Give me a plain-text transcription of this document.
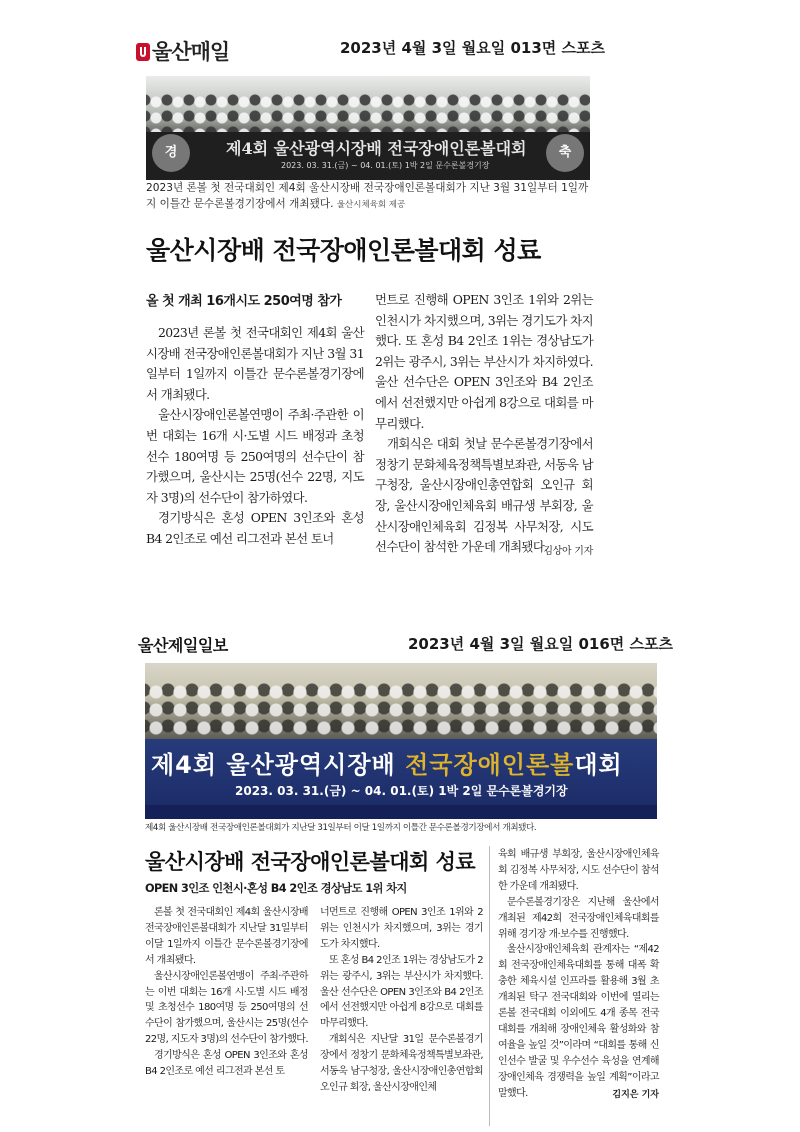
울산매일	2023년 4월 3일 월요일 013면 스포츠
경	축
제4회 울산광역시장배 전국장애인론볼대회
2023. 03. 31.(금) ~ 04. 01.(토) 1박 2일 문수론볼경기장
2023년 론볼 첫 전국대회인 제4회 울산시장배 전국장애인론볼대회가 지난 3월 31일부터 1일까지 이틀간 문수론볼경기장에서 개최됐다. 울산시체육회 제공
울산시장배 전국장애인론볼대회 성료
올 첫 개최 16개시도 250여명 참가

2023년 론볼 첫 전국대회인 제4회 울산시장배 전국장애인론볼대회가 지난 3월 31일부터 1일까지 이틀간 문수론볼경기장에서 개최됐다.

울산시장애인론볼연맹이 주최·주관한 이번 대회는 16개 시·도별 시드 배정과 초청선수 180여명 등 250여명의 선수단이 참가했으며, 울산시는 25명(선수 22명, 지도자 3명)의 선수단이 참가하였다.

경기방식은 혼성 OPEN 3인조와 혼성 B4 2인조로 예선 리그전과 본선 토너

먼트로 진행해 OPEN 3인조 1위와 2위는 인천시가 차지했으며, 3위는 경기도가 차지했다. 또 혼성 B4 2인조 1위는 경상남도가 2위는 광주시, 3위는 부산시가 차지하였다. 울산 선수단은 OPEN 3인조와 B4 2인조에서 선전했지만 아쉽게 8강으로 대회를 마무리했다.

개회식은 대회 첫날 문수론볼경기장에서 정창기 문화체육정책특별보좌관, 서동욱 남구청장, 울산시장애인총연합회 오인규 회장, 울산시장애인체육회 배규생 부회장, 울산시장애인체육회 김정복 사무처장, 시도 선수단이 참석한 가운데 개최됐다.

김상아 기자
울산제일일보	2023년 4월 3일 월요일 016면 스포츠
제4회 울산광역시장배 전국장애인론볼대회
2023. 03. 31.(금) ~ 04. 01.(토) 1박 2일 문수론볼경기장
제4회 울산시장배 전국장애인론볼대회가 지난달 31일부터 이달 1일까지 이틀간 문수론볼경기장에서 개최됐다.
울산시장배 전국장애인론볼대회 성료
OPEN 3인조 인천시·혼성 B4 2인조 경상남도 1위 차지

론볼 첫 전국대회인 제4회 울산시장배 전국장애인론볼대회가 지난달 31일부터 이달 1일까지 이틀간 문수론볼경기장에서 개최됐다.

울산시장애인론볼연맹이 주최·주관하는 이번 대회는 16개 시·도별 시드 배정 및 초청선수 180여명 등 250여명의 선수단이 참가했으며, 울산시는 25명(선수 22명, 지도자 3명)의 선수단이 참가했다.

경기방식은 혼성 OPEN 3인조와 혼성 B4 2인조로 예선 리그전과 본선 토

너먼트로 진행해 OPEN 3인조 1위와 2위는 인천시가 차지했으며, 3위는 경기도가 차지했다.

또 혼성 B4 2인조 1위는 경상남도가 2위는 광주시, 3위는 부산시가 차지했다. 울산 선수단은 OPEN 3인조와 B4 2인조에서 선전했지만 아쉽게 8강으로 대회를 마무리했다.

개회식은 지난달 31일 문수론볼경기장에서 정창기 문화체육정책특별보좌관, 서동욱 남구청장, 울산시장애인총연합회 오인규 회장, 울산시장애인체

육회 배규생 부회장, 울산시장애인체육회 김정복 사무처장, 시도 선수단이 참석한 가운데 개최됐다.

문수론볼경기장은 지난해 울산에서 개최된 제42회 전국장애인체육대회를 위해 경기장 개·보수를 진행했다.

울산시장애인체육회 관계자는 “제42회 전국장애인체육대회를 통해 대폭 확충한 체육시설 인프라를 활용해 3월 초 개최된 탁구 전국대회와 이번에 열리는 론볼 전국대회 이외에도 4개 종목 전국대회를 개최해 장애인체육 활성화와 참여율을 높일 것”이라며 “대회를 통해 신인선수 발굴 및 우수선수 육성을 연계해 장애인체육 경쟁력을 높일 계획”이라고 말했다.	김지은 기자
